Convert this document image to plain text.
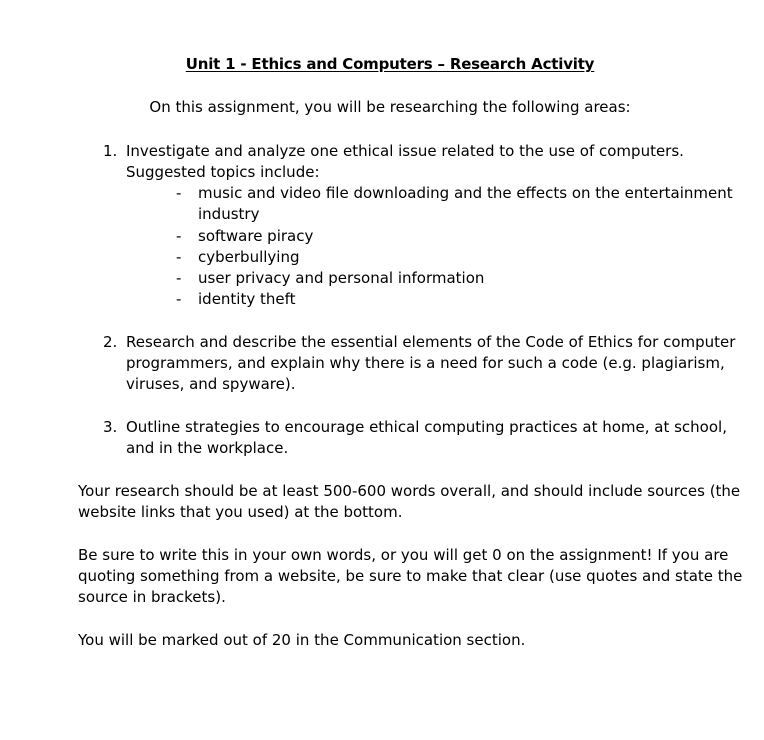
Unit 1 - Ethics and Computers – Research Activity
On this assignment, you will be researching the following areas:
1. Investigate and analyze one ethical issue related to the use of computers.
Suggested topics include:
- music and video file downloading and the effects on the entertainment
industry
- software piracy
- cyberbullying
- user privacy and personal information
- identity theft
2. Research and describe the essential elements of the Code of Ethics for computer
programmers, and explain why there is a need for such a code (e.g. plagiarism,
viruses, and spyware).
3. Outline strategies to encourage ethical computing practices at home, at school,
and in the workplace.
Your research should be at least 500-600 words overall, and should include sources (the
website links that you used) at the bottom.
Be sure to write this in your own words, or you will get 0 on the assignment! If you are
quoting something from a website, be sure to make that clear (use quotes and state the
source in brackets).
You will be marked out of 20 in the Communication section.
